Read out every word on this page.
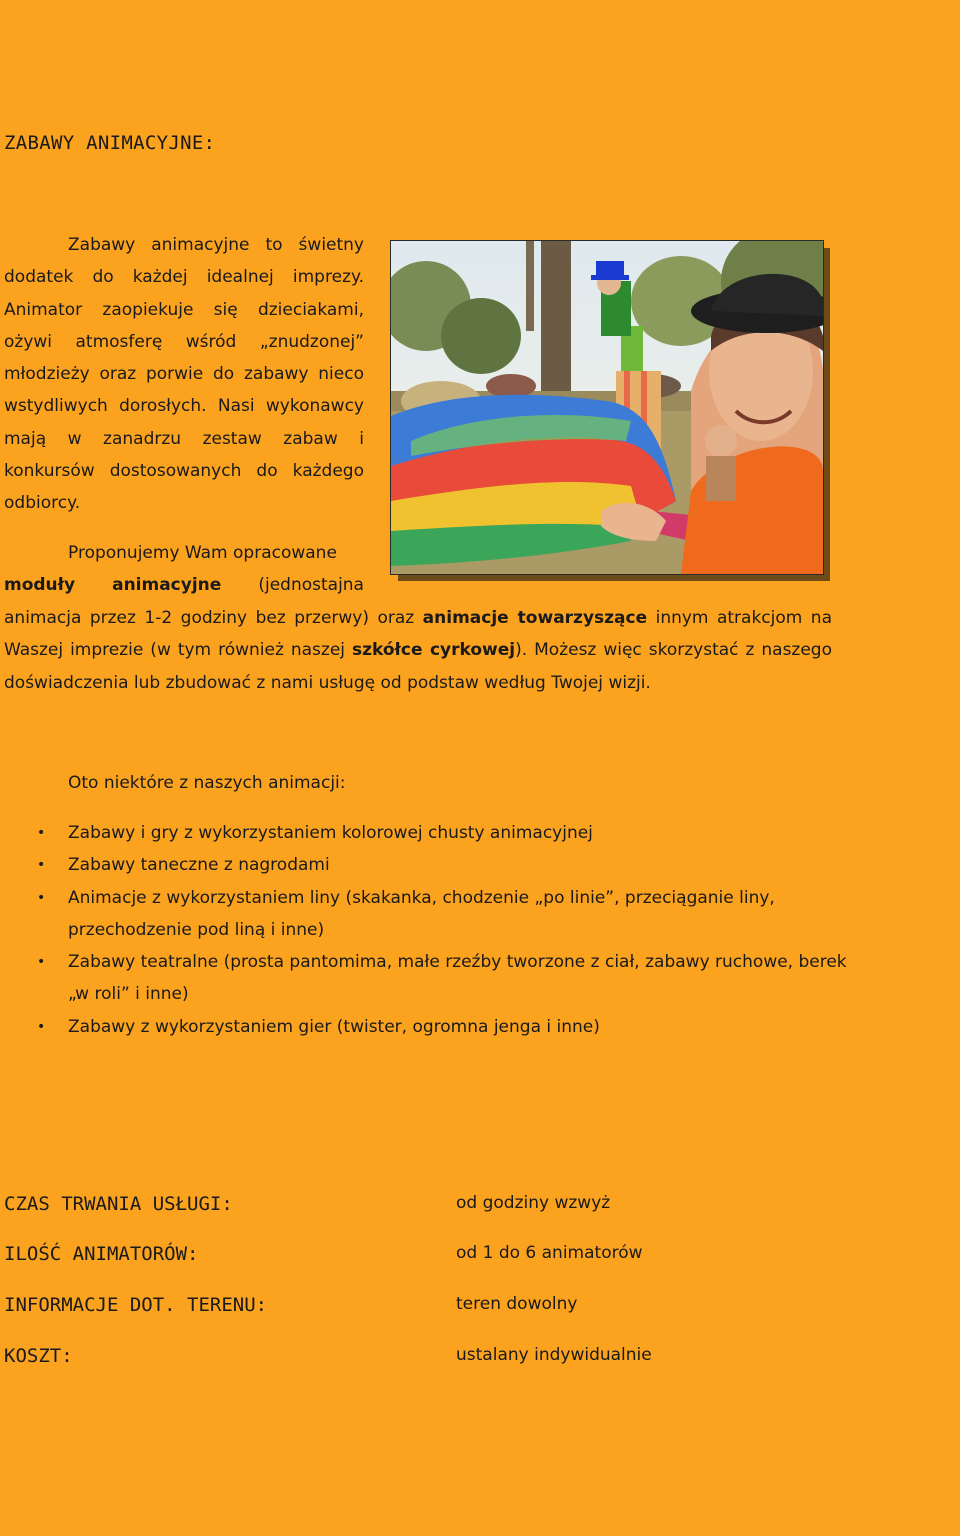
ZABAWY ANIMACYJNE:
Zabawy animacyjne to świetny dodatek do każdej idealnej imprezy. Animator zaopiekuje się dzieciakami, ożywi atmosferę wśród „znudzonej” młodzieży oraz porwie do zabawy nieco wstydliwych dorosłych. Nasi wykonawcy mają w zanadrzu zestaw zabaw i konkursów dostosowanych do każdego odbiorcy.
Proponujemy Wam opracowane
moduły animacyjne (jednostajna
animacja przez 1-2 godziny bez przerwy) oraz animacje towarzyszące innym atrakcjom na Waszej imprezie (w tym również naszej szkółce cyrkowej). Możesz więc skorzystać z naszego doświadczenia lub zbudować z nami usługę od podstaw według Twojej wizji.
Oto niektóre z naszych animacji:
• Zabawy i gry z wykorzystaniem kolorowej chusty animacyjnej
• Zabawy taneczne z nagrodami
• Animacje z wykorzystaniem liny (skakanka, chodzenie „po linie”, przeciąganie liny, przechodzenie pod liną i inne)
• Zabawy teatralne (prosta pantomima, małe rzeźby tworzone z ciał, zabawy ruchowe, berek „w roli” i inne)
• Zabawy z wykorzystaniem gier (twister, ogromna jenga i inne)
CZAS TRWANIA USŁUGI:	od godziny wzwyż
ILOŚĆ ANIMATORÓW:	od 1 do 6 animatorów
INFORMACJE DOT. TERENU:	teren dowolny
KOSZT:	ustalany indywidualnie
